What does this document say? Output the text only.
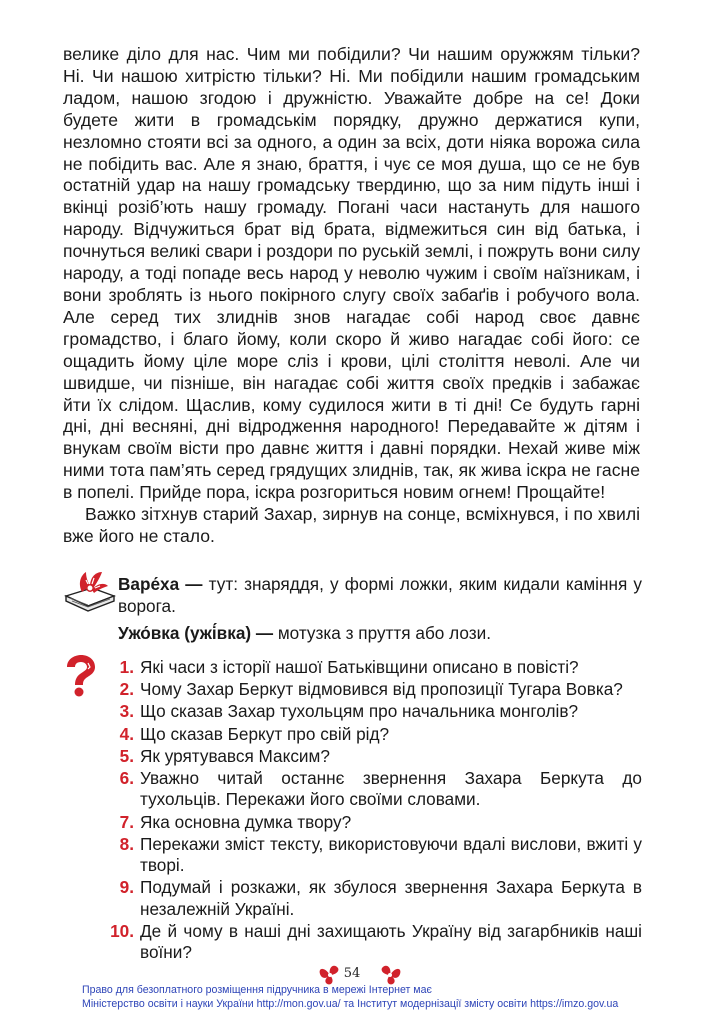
велике діло для нас. Чим ми побідили? Чи нашим оружжям тільки? Ні. Чи нашою хитрістю тільки? Ні. Ми побідили нашим громадським ладом, нашою згодою і дружністю. Уважайте добре на се! Доки будете жити в громадськім порядку, дружно держатися купи, незломно стояти всі за одного, а один за всіх, доти ніяка ворожа сила не побідить вас. Але я знаю, браття, і чує се моя душа, що се не був остатній удар на нашу громадську твердиню, що за ним підуть інші і вкінці розіб’ють нашу громаду. Погані часи настануть для нашого народу. Відчужиться брат від брата, відмежиться син від батька, і почнуться великі свари і роздори по руській землі, і пожруть вони силу народу, а тоді попаде весь народ у неволю чужим і своїм наїзникам, і вони зроблять із нього покірного слугу своїх забаґів і робучого вола. Але серед тих злиднів знов нагадає собі народ своє давнє громадство, і благо йому, коли скоро й живо нагадає собі його: се ощадить йому ціле море сліз і крови, цілі століття неволі. Але чи швидше, чи пізніше, він нагадає собі життя своїх предків і забажає йти їх слідом. Щаслив, кому судилося жити в ті дні! Се будуть гарні дні, дні весняні, дні відродження народного! Передавайте ж дітям і внукам своїм вісти про давнє життя і давні порядки. Нехай живе між ними тота пам’ять серед грядущих злиднів, так, як жива іскра не гасне в попелі. Прийде пора, іскра розгориться новим огнем! Прощайте!

Важко зітхнув старий Захар, зирнув на сонце, всміхнувся, і по хвилі вже його не стало.

Варе́ха — тут: знаряддя, у формі ложки, яким кидали каміння у ворога.
Ужо́вка (ужі́вка) — мотузка з пруття або лози.
1. Які часи з історії нашої Батьківщини описано в повісті?
2. Чому Захар Беркут відмовився від пропозиції Тугара Вовка?
3. Що сказав Захар тухольцям про начальника монголів?
4. Що сказав Беркут про свій рід?
5. Як урятувався Максим?
6. Уважно читай останнє звернення Захара Беркута до тухольців. Перекажи його своїми словами.
7. Яка основна думка твору?
8. Перекажи зміст тексту, використовуючи вдалі вислови, вжиті у творі.
9. Подумай і розкажи, як збулося звернення Захара Беркута в незалежній Україні.
10. Де й чому в наші дні захищають Україну від загарбників наші воїни?
54
Право для безоплатного розміщення підручника в мережі Інтернет має
Міністерство освіти і науки України http://mon.gov.ua/ та Інститут модернізації змісту освіти https://imzo.gov.ua
